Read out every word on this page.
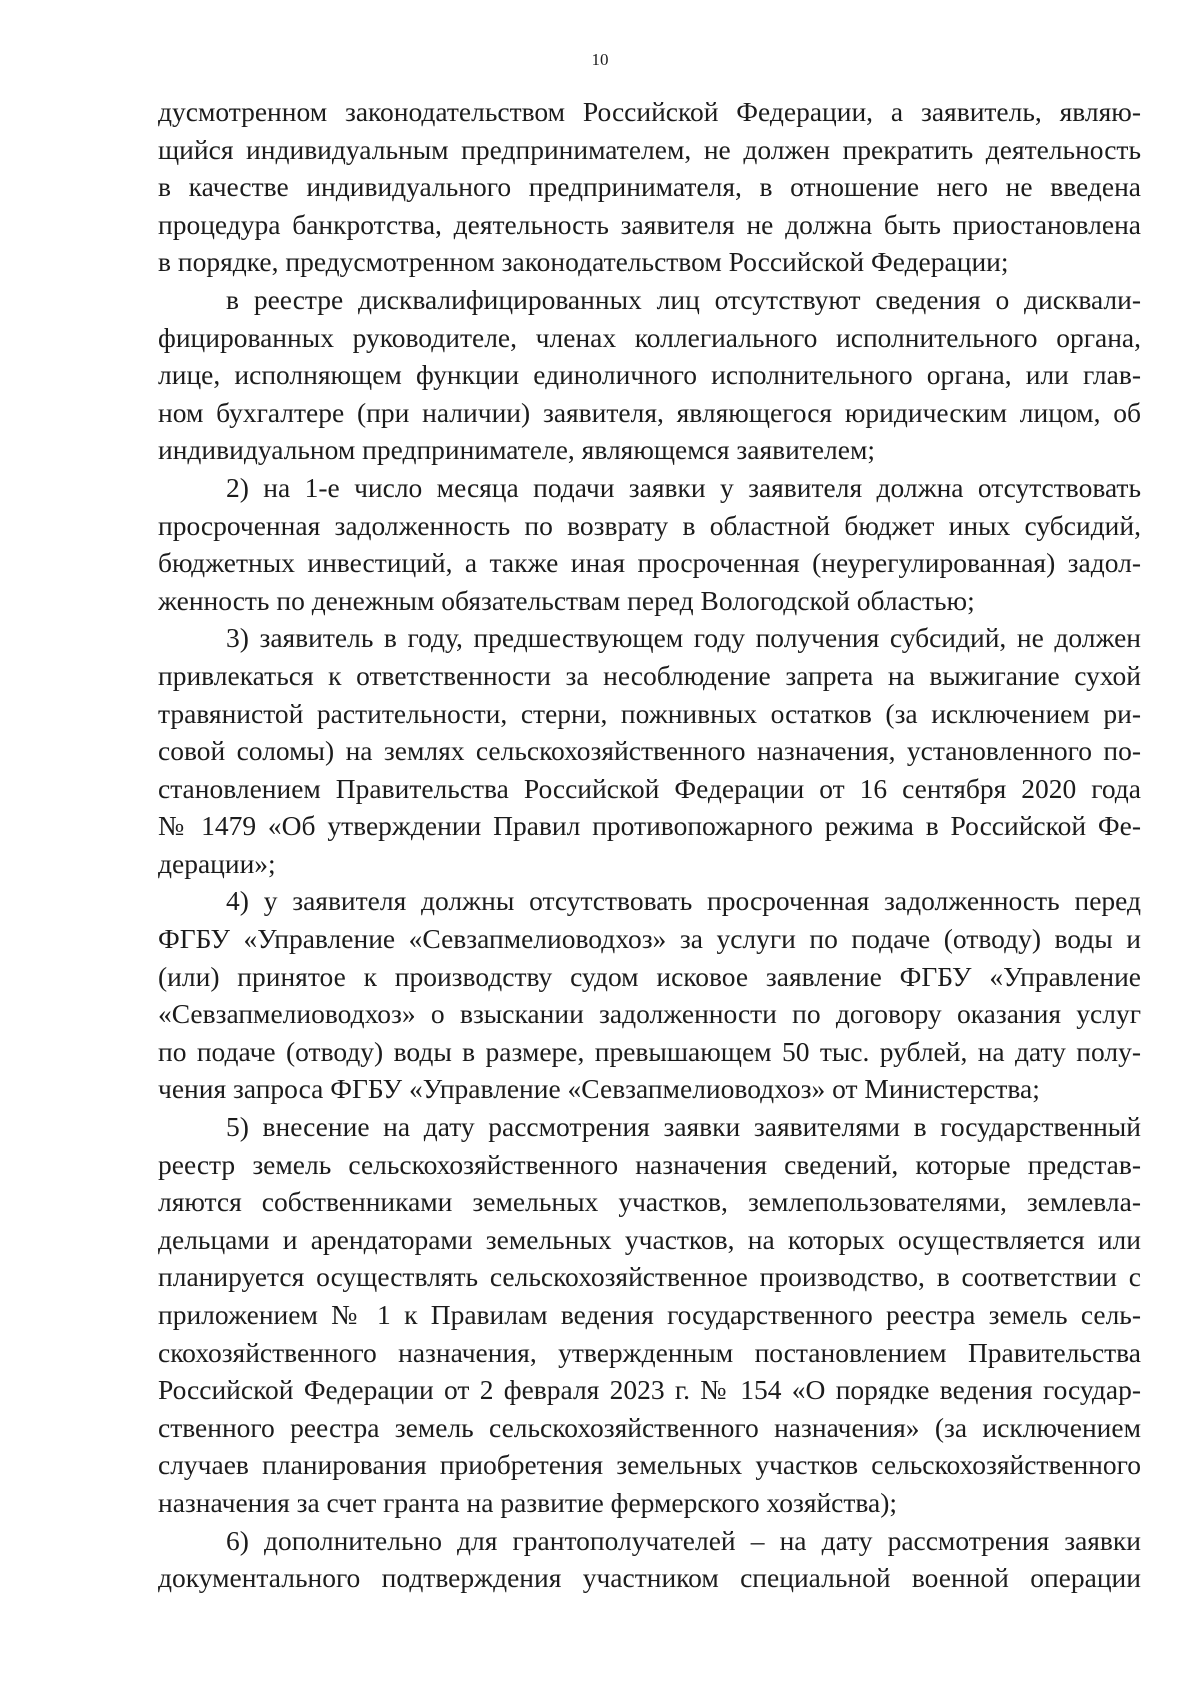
10
дусмотренном законодательством Российской Федерации, а заявитель, являю-
щийся индивидуальным предпринимателем, не должен прекратить деятельность
в качестве индивидуального предпринимателя, в отношение него не введена
процедура банкротства, деятельность заявителя не должна быть приостановлена
в порядке, предусмотренном законодательством Российской Федерации;
в реестре дисквалифицированных лиц отсутствуют сведения о дисквали-
фицированных руководителе, членах коллегиального исполнительного органа,
лице, исполняющем функции единоличного исполнительного органа, или глав-
ном бухгалтере (при наличии) заявителя, являющегося юридическим лицом, об
индивидуальном предпринимателе, являющемся заявителем;
2) на 1-е число месяца подачи заявки у заявителя должна отсутствовать
просроченная задолженность по возврату в областной бюджет иных субсидий,
бюджетных инвестиций, а также иная просроченная (неурегулированная) задол-
женность по денежным обязательствам перед Вологодской областью;
3) заявитель в году, предшествующем году получения субсидий, не должен
привлекаться к ответственности за несоблюдение запрета на выжигание сухой
травянистой растительности, стерни, пожнивных остатков (за исключением ри-
совой соломы) на землях сельскохозяйственного назначения, установленного по-
становлением Правительства Российской Федерации от 16 сентября 2020 года
№ 1479 «Об утверждении Правил противопожарного режима в Российской Фе-
дерации»;
4) у заявителя должны отсутствовать просроченная задолженность перед
ФГБУ «Управление «Севзапмелиоводхоз» за услуги по подаче (отводу) воды и
(или) принятое к производству судом исковое заявление ФГБУ «Управление
«Севзапмелиоводхоз» о взыскании задолженности по договору оказания услуг
по подаче (отводу) воды в размере, превышающем 50 тыс. рублей, на дату полу-
чения запроса ФГБУ «Управление «Севзапмелиоводхоз» от Министерства;
5) внесение на дату рассмотрения заявки заявителями в государственный
реестр земель сельскохозяйственного назначения сведений, которые представ-
ляются собственниками земельных участков, землепользователями, землевла-
дельцами и арендаторами земельных участков, на которых осуществляется или
планируется осуществлять сельскохозяйственное производство, в соответствии с
приложением № 1 к Правилам ведения государственного реестра земель сель-
скохозяйственного назначения, утвержденным постановлением Правительства
Российской Федерации от 2 февраля 2023 г. № 154 «О порядке ведения государ-
ственного реестра земель сельскохозяйственного назначения» (за исключением
случаев планирования приобретения земельных участков сельскохозяйственного
назначения за счет гранта на развитие фермерского хозяйства);
6) дополнительно для грантополучателей – на дату рассмотрения заявки
документального подтверждения участником специальной военной операции
